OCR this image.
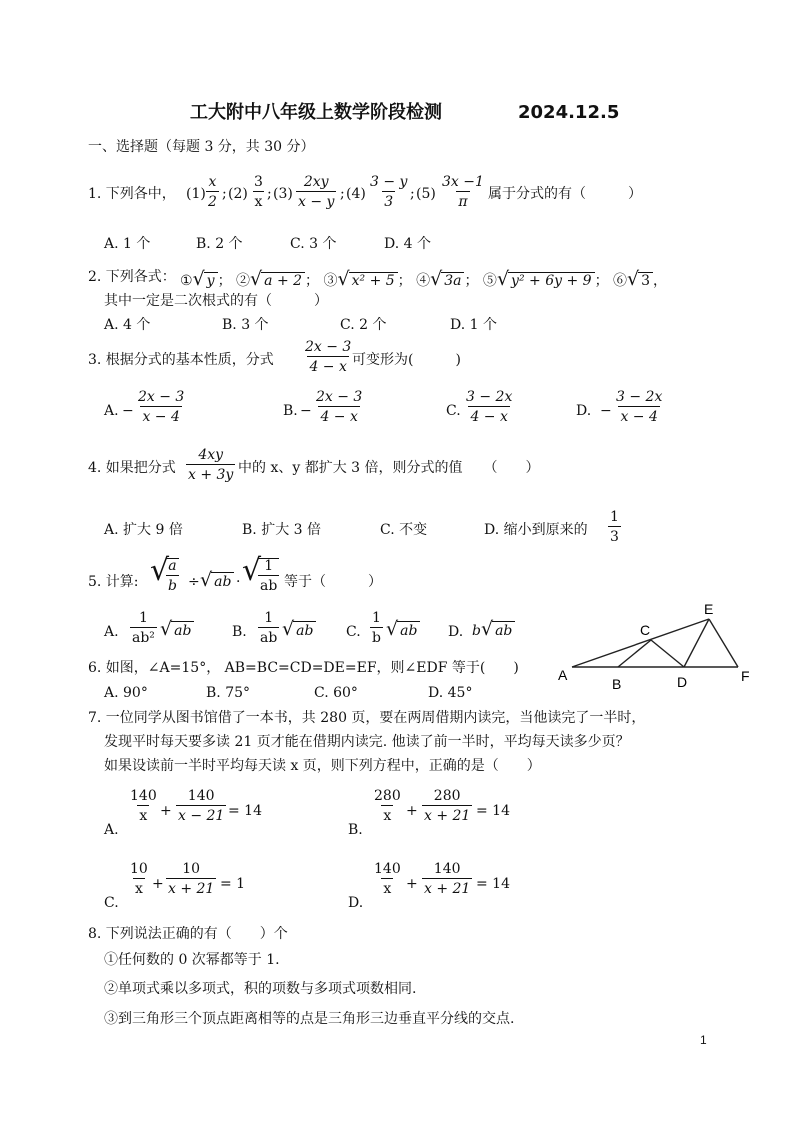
工大附中八年级上数学阶段检测	2024.12.5
一、选择题（每题 3 分，共 30 分）
1. 下列各中， $(1) \frac{x}{2}$ ; $(2) \frac{3}{x}$ ; $(3) \frac{2xy}{x - y}$ ; $(4) \frac{3 - y}{3}$ ; $(5) \frac{3x -1}{\pi}$ 属于分式的有（　　　）
A. 1 个	B. 2 个	C. 3 个	D. 4 个
2. 下列各式： ①√ y ； ②√ a + 2 ； ③√ x² + 5 ； ④√ 3a ； ⑤√ y² + 6y + 9 ； ⑥√ 3 ，
其中一定是二次根式的有（　　　）
A. 4 个	B. 3 个	C. 2 个	D. 1 个
3. 根据分式的基本性质，分式 $\frac{2x - 3}{4 - x}$
可变形为(　　　)
A. − $\frac{2x - 3}{x - 4}$	B. − $\frac{2x - 3}{4 - x}$	C. $\frac{3 - 2x}{4 - x}$	D. − $\frac{3 - 2x}{x - 4}$
4. 如果把分式 $\frac{4xy}{x + 3y}$ 中的 x、y 都扩大 3 倍，则分式的值　　（　　）
A. 扩大 9 倍	B. 扩大 3 倍	C. 不变	D. 缩小到原来的 $\frac{1}{3}$
5. 计算: √
$\frac{a}{b}$ ÷ √ ab · √
$\frac{1}{ab}$ 等于（　　　）
A. $\frac{1}{\text{ab²}}$ √ ab	B. $\frac{1}{ab}$ √ ab C. $\frac{1}{b}$ √ ab D. b√ ab
6. 如图，∠A=15°， AB=BC=CD=DE=EF，则∠EDF 等于(　　)
A. 90°	B. 75°	C. 60°	D. 45°
A
B
C
D
E
F
7. 一位同学从图书馆借了一本书，共 280 页，要在两周借期内读完，当他读完了一半时，
发现平时每天要多读 21 页才能在借期内读完. 他读了前一半时，平均每天读多少页？
如果设读前一半时平均每天读 x 页，则下列方程中，正确的是（　　）
A.
$\frac{140}{x} + \frac{140}{x - 21} = 14$
B.
$\frac{280}{x} + \frac{280}{x + 21} = 14$
C.
$\frac{10}{x} + \frac{10}{x + 21} = 1$
D.
$\frac{140}{x} + \frac{140}{x + 21} = 14$
8. 下列说法正确的有（　　）个
①任何数的 0 次幂都等于 1.
②单项式乘以多项式，积的项数与多项式项数相同.
③到三角形三个顶点距离相等的点是三角形三边垂直平分线的交点.
1
